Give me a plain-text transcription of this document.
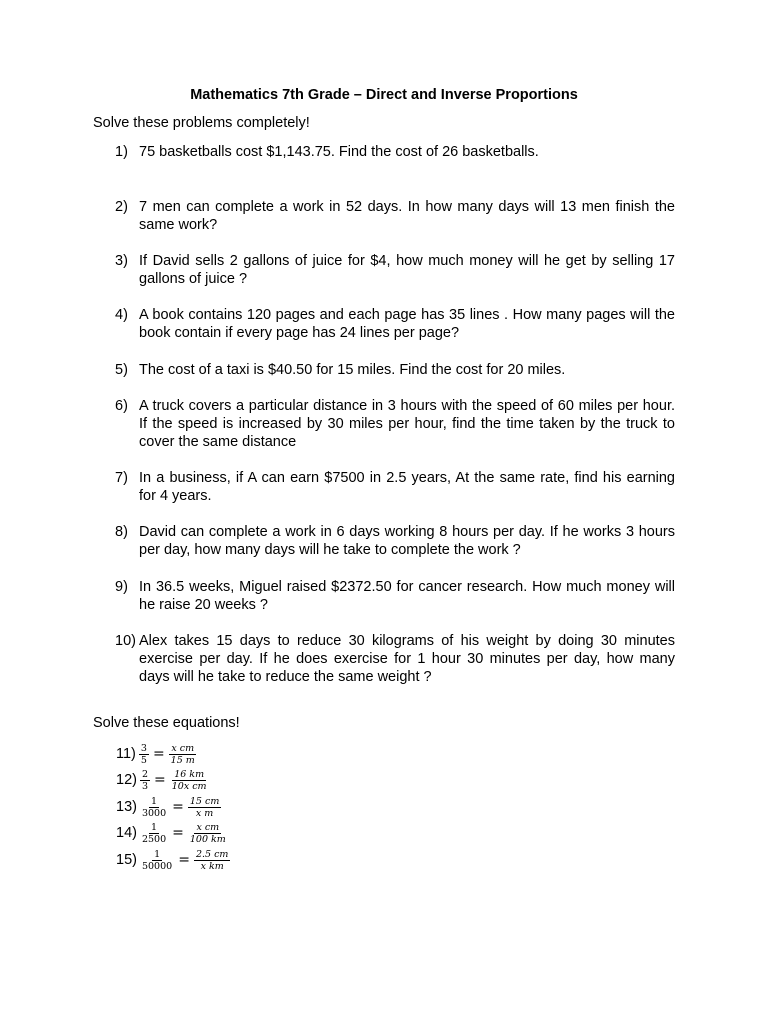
Mathematics 7th Grade – Direct and Inverse Proportions
Solve these problems completely!
1) 75 basketballs cost $1,143.75. Find the cost of 26 basketballs.
2) 7 men can complete a work in 52 days. In how many days will 13 men finish the same work?
3) If David sells 2 gallons of juice for $4, how much money will he get by selling 17 gallons of juice ?
4) A book contains 120 pages and each page has 35 lines . How many pages will the book contain if every page has 24 lines per page?
5) The cost of a taxi is $40.50 for 15 miles. Find the cost for 20 miles.
6) A truck covers a particular distance in 3 hours with the speed of 60 miles per hour. If the speed is increased by 30 miles per hour, find the time taken by the truck to cover the same distance
7) In a business, if A can earn $7500 in 2.5 years, At the same rate, find his earning for 4 years.
8) David can complete a work in 6 days working 8 hours per day. If he works 3 hours per day, how many days will he take to complete the work ?
9) In 36.5 weeks, Miguel raised $2372.50 for cancer research. How much money will he raise 20 weeks ?
10) Alex takes 15 days to reduce 30 kilograms of his weight by doing 30 minutes exercise per day. If he does exercise for 1 hour 30 minutes per day, how many days will he take to reduce the same weight ?
Solve these equations!
$11) \frac{3}{5} = \frac{\text{x cm}}{15 m}$
$12) \frac{2}{3} = \frac{16 km}{\text{10x cm}}$
$13) \frac{1}{3000} = \frac{15 cm}{\text{x m}}$
$14) \frac{1}{2500} = \frac{\text{x cm}}{100 km}$
$15) \frac{1}{50000} = \frac{2.5 cm}{\text{x km}}$
